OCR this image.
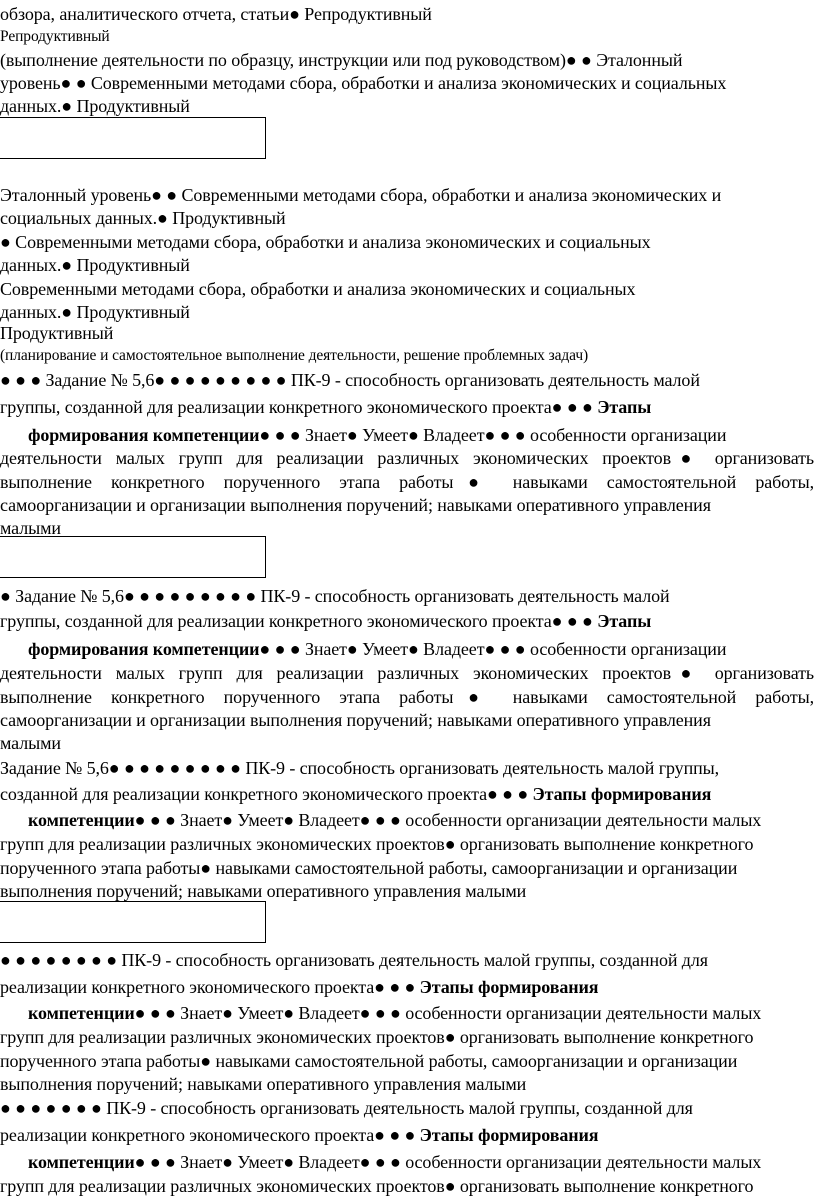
обзора, аналитического отчета, статьи● Репродуктивный
Репродуктивный
(выполнение деятельности по образцу, инструкции или под руководством)● ● Эталонный
уровень● ● Современными методами сбора, обработки и анализа экономических и социальных
данных.● Продуктивный
Эталонный уровень● ● Современными методами сбора, обработки и анализа экономических и
социальных данных.● Продуктивный
● Современными методами сбора, обработки и анализа экономических и социальных
данных.● Продуктивный
Современными методами сбора, обработки и анализа экономических и социальных
данных.● Продуктивный
Продуктивный
(планирование и самостоятельное выполнение деятельности, решение проблемных задач)
● ● ● Задание № 5,6● ● ● ● ● ● ● ● ● ПК-9 - способность организовать деятельность малой
группы, созданной для реализации конкретного экономического проекта● ● ● Этапы
формирования компетенции● ● ● Знает● Умеет● Владеет● ● ● особенности организации
деятельности малых групп для реализации различных экономических проектов● организовать
выполнение конкретного порученного этапа работы● навыками самостоятельной работы,
самоорганизации и организации выполнения поручений; навыками оперативного управления
малыми
● Задание № 5,6● ● ● ● ● ● ● ● ● ПК-9 - способность организовать деятельность малой
группы, созданной для реализации конкретного экономического проекта● ● ● Этапы
формирования компетенции● ● ● Знает● Умеет● Владеет● ● ● особенности организации
деятельности малых групп для реализации различных экономических проектов● организовать
выполнение конкретного порученного этапа работы● навыками самостоятельной работы,
самоорганизации и организации выполнения поручений; навыками оперативного управления
малыми
Задание № 5,6● ● ● ● ● ● ● ● ● ПК-9 - способность организовать деятельность малой группы,
созданной для реализации конкретного экономического проекта● ● ● Этапы формирования
компетенции● ● ● Знает● Умеет● Владеет● ● ● особенности организации деятельности малых
групп для реализации различных экономических проектов● организовать выполнение конкретного
порученного этапа работы● навыками самостоятельной работы, самоорганизации и организации
выполнения поручений; навыками оперативного управления малыми
● ● ● ● ● ● ● ● ПК-9 - способность организовать деятельность малой группы, созданной для
реализации конкретного экономического проекта● ● ● Этапы формирования
компетенции● ● ● Знает● Умеет● Владеет● ● ● особенности организации деятельности малых
групп для реализации различных экономических проектов● организовать выполнение конкретного
порученного этапа работы● навыками самостоятельной работы, самоорганизации и организации
выполнения поручений; навыками оперативного управления малыми
● ● ● ● ● ● ● ПК-9 - способность организовать деятельность малой группы, созданной для
реализации конкретного экономического проекта● ● ● Этапы формирования
компетенции● ● ● Знает● Умеет● Владеет● ● ● особенности организации деятельности малых
групп для реализации различных экономических проектов● организовать выполнение конкретного
